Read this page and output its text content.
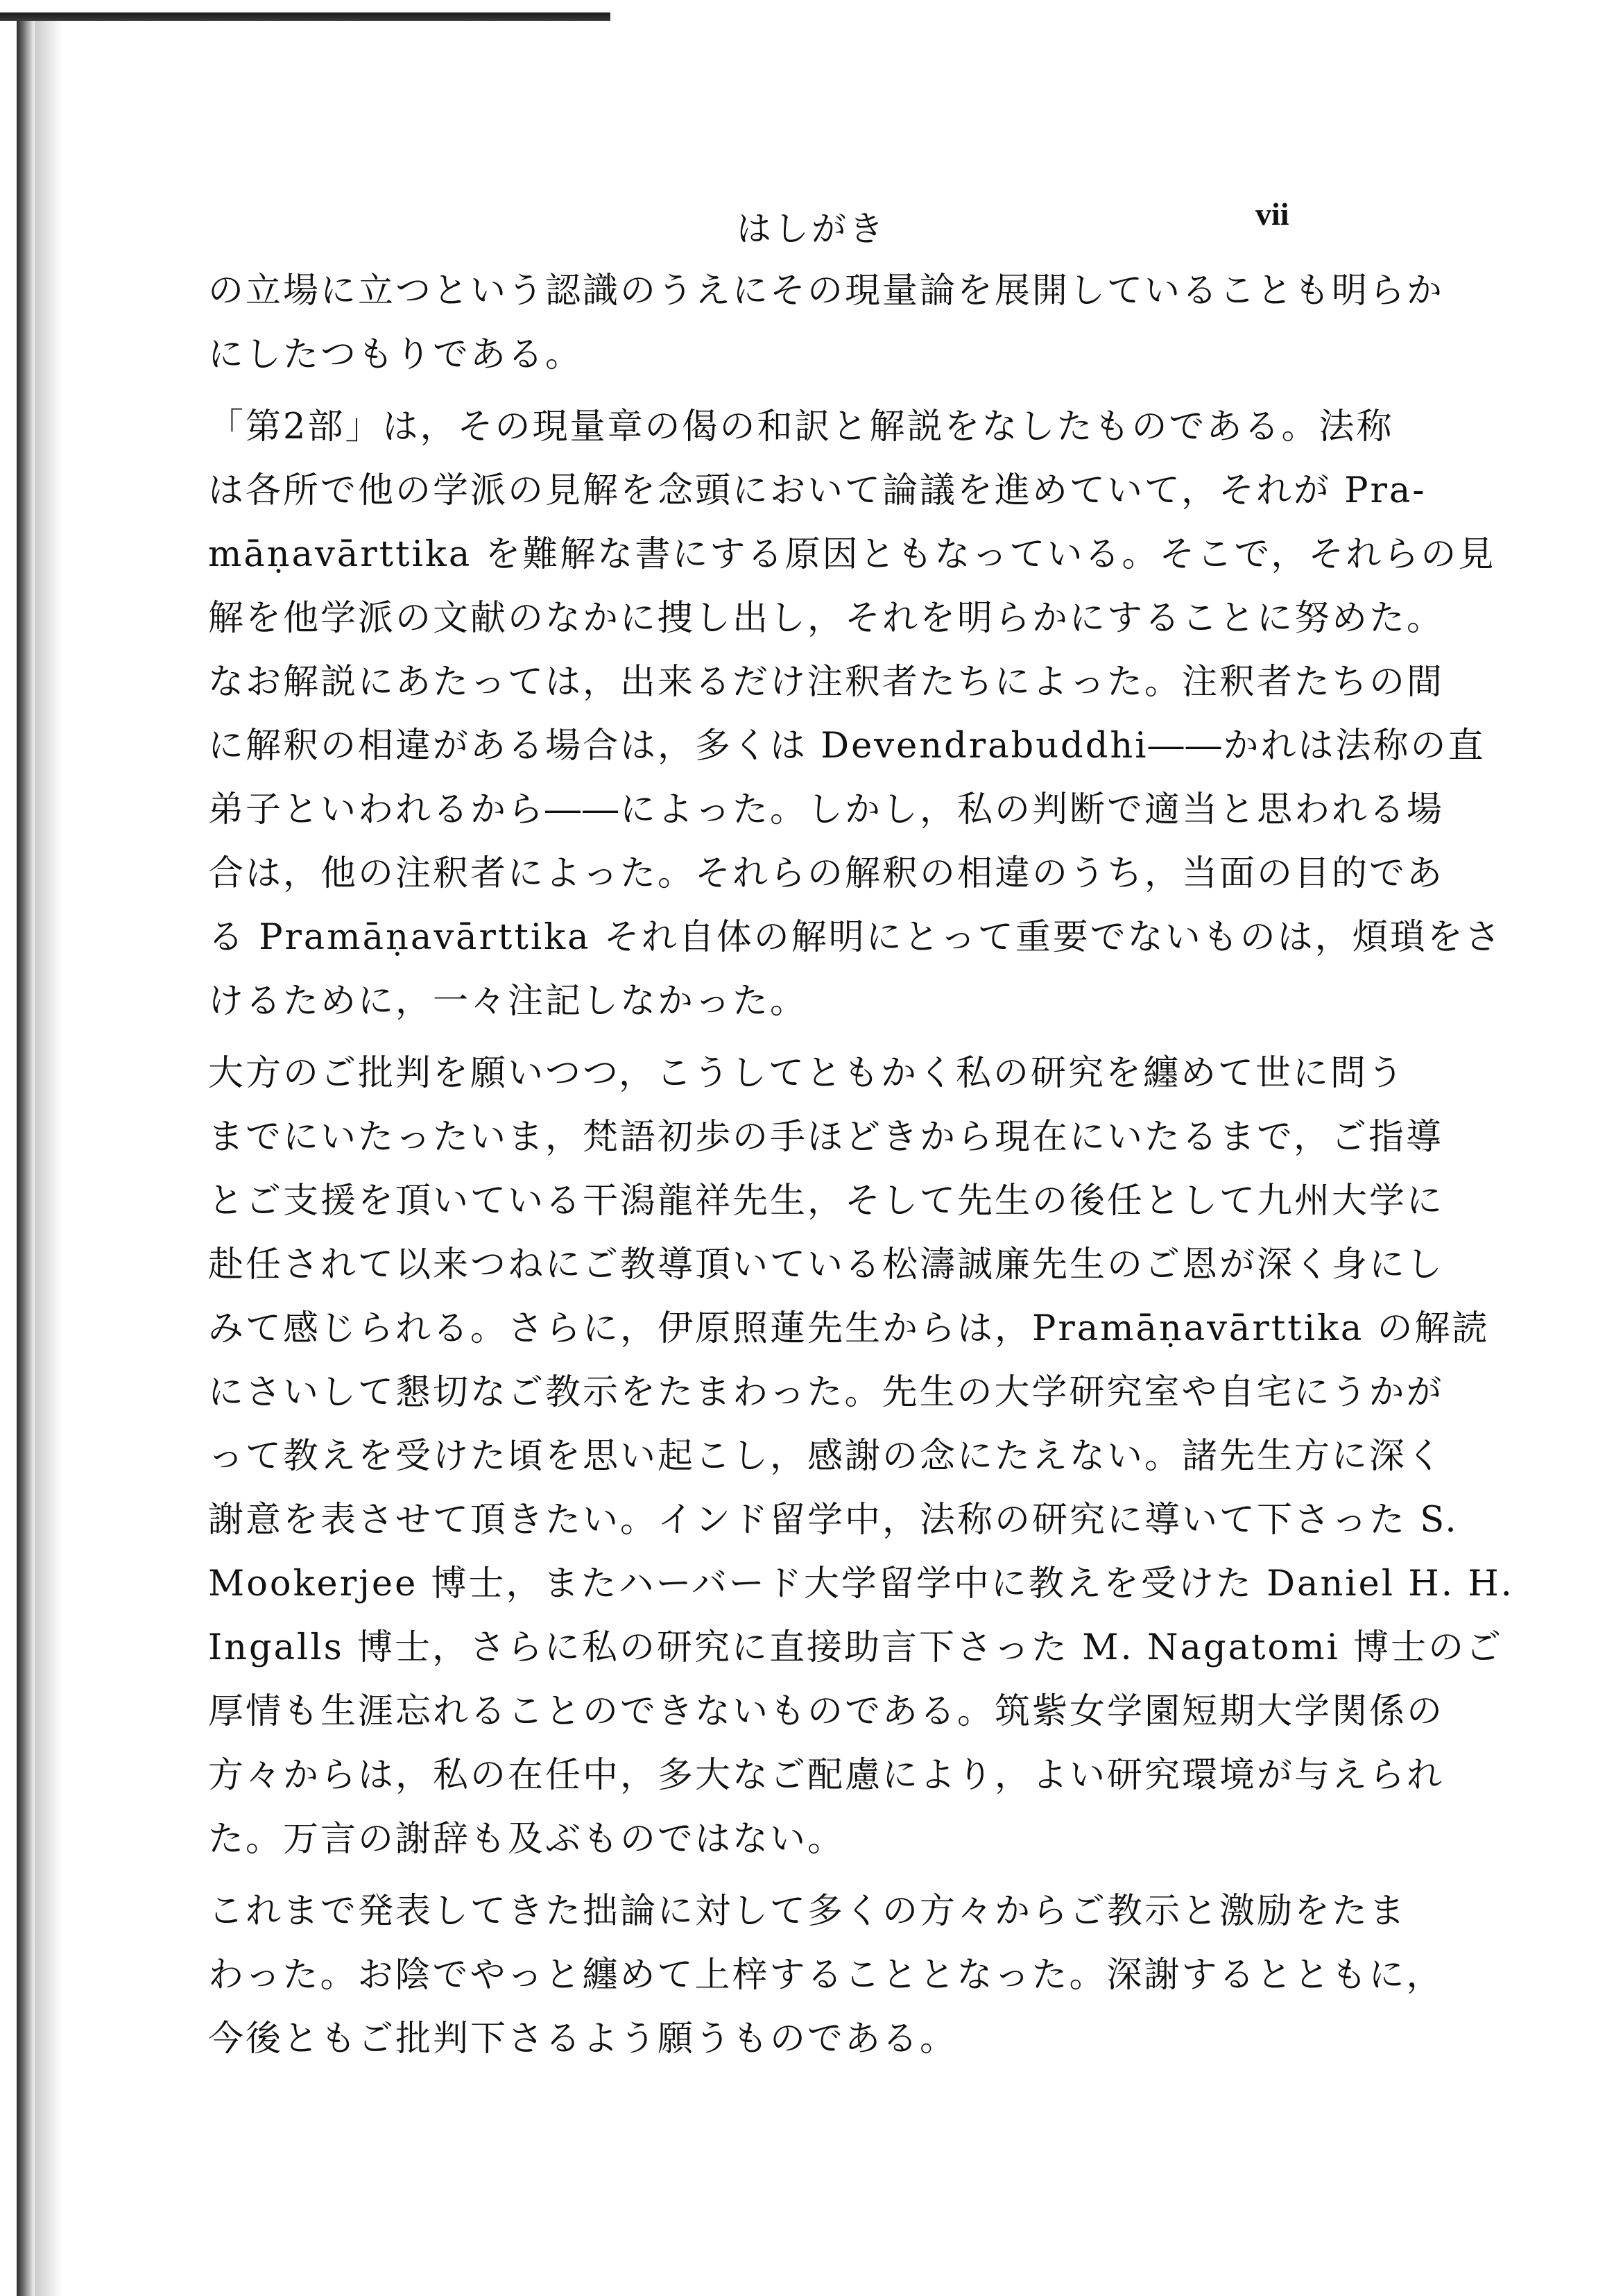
はしがき	vii
の立場に立つという認識のうえにその現量論を展開していることも明らか
にしたつもりである。
「第2部」は，その現量章の偈の和訳と解説をなしたものである。法称
は各所で他の学派の見解を念頭において論議を進めていて，それが Pra-
māṇavārttika を難解な書にする原因ともなっている。そこで，それらの見
解を他学派の文献のなかに捜し出し，それを明らかにすることに努めた。
なお解説にあたっては，出来るだけ注釈者たちによった。注釈者たちの間
に解釈の相違がある場合は，多くは Devendrabuddhi――かれは法称の直
弟子といわれるから――によった。しかし，私の判断で適当と思われる場
合は，他の注釈者によった。それらの解釈の相違のうち，当面の目的であ
る Pramāṇavārttika それ自体の解明にとって重要でないものは，煩瑣をさ
けるために，一々注記しなかった。
大方のご批判を願いつつ，こうしてともかく私の研究を纏めて世に問う
までにいたったいま，梵語初歩の手ほどきから現在にいたるまで，ご指導
とご支援を頂いている干潟龍祥先生，そして先生の後任として九州大学に
赴任されて以来つねにご教導頂いている松濤誠廉先生のご恩が深く身にし
みて感じられる。さらに，伊原照蓮先生からは，Pramāṇavārttika の解読
にさいして懇切なご教示をたまわった。先生の大学研究室や自宅にうかが
って教えを受けた頃を思い起こし，感謝の念にたえない。諸先生方に深く
謝意を表させて頂きたい。インド留学中，法称の研究に導いて下さった S.
Mookerjee 博士，またハーバード大学留学中に教えを受けた Daniel H. H.
Ingalls 博士，さらに私の研究に直接助言下さった M. Nagatomi 博士のご
厚情も生涯忘れることのできないものである。筑紫女学園短期大学関係の
方々からは，私の在任中，多大なご配慮により，よい研究環境が与えられ
た。万言の謝辞も及ぶものではない。
これまで発表してきた拙論に対して多くの方々からご教示と激励をたま
わった。お陰でやっと纏めて上梓することとなった。深謝するとともに，
今後ともご批判下さるよう願うものである。
